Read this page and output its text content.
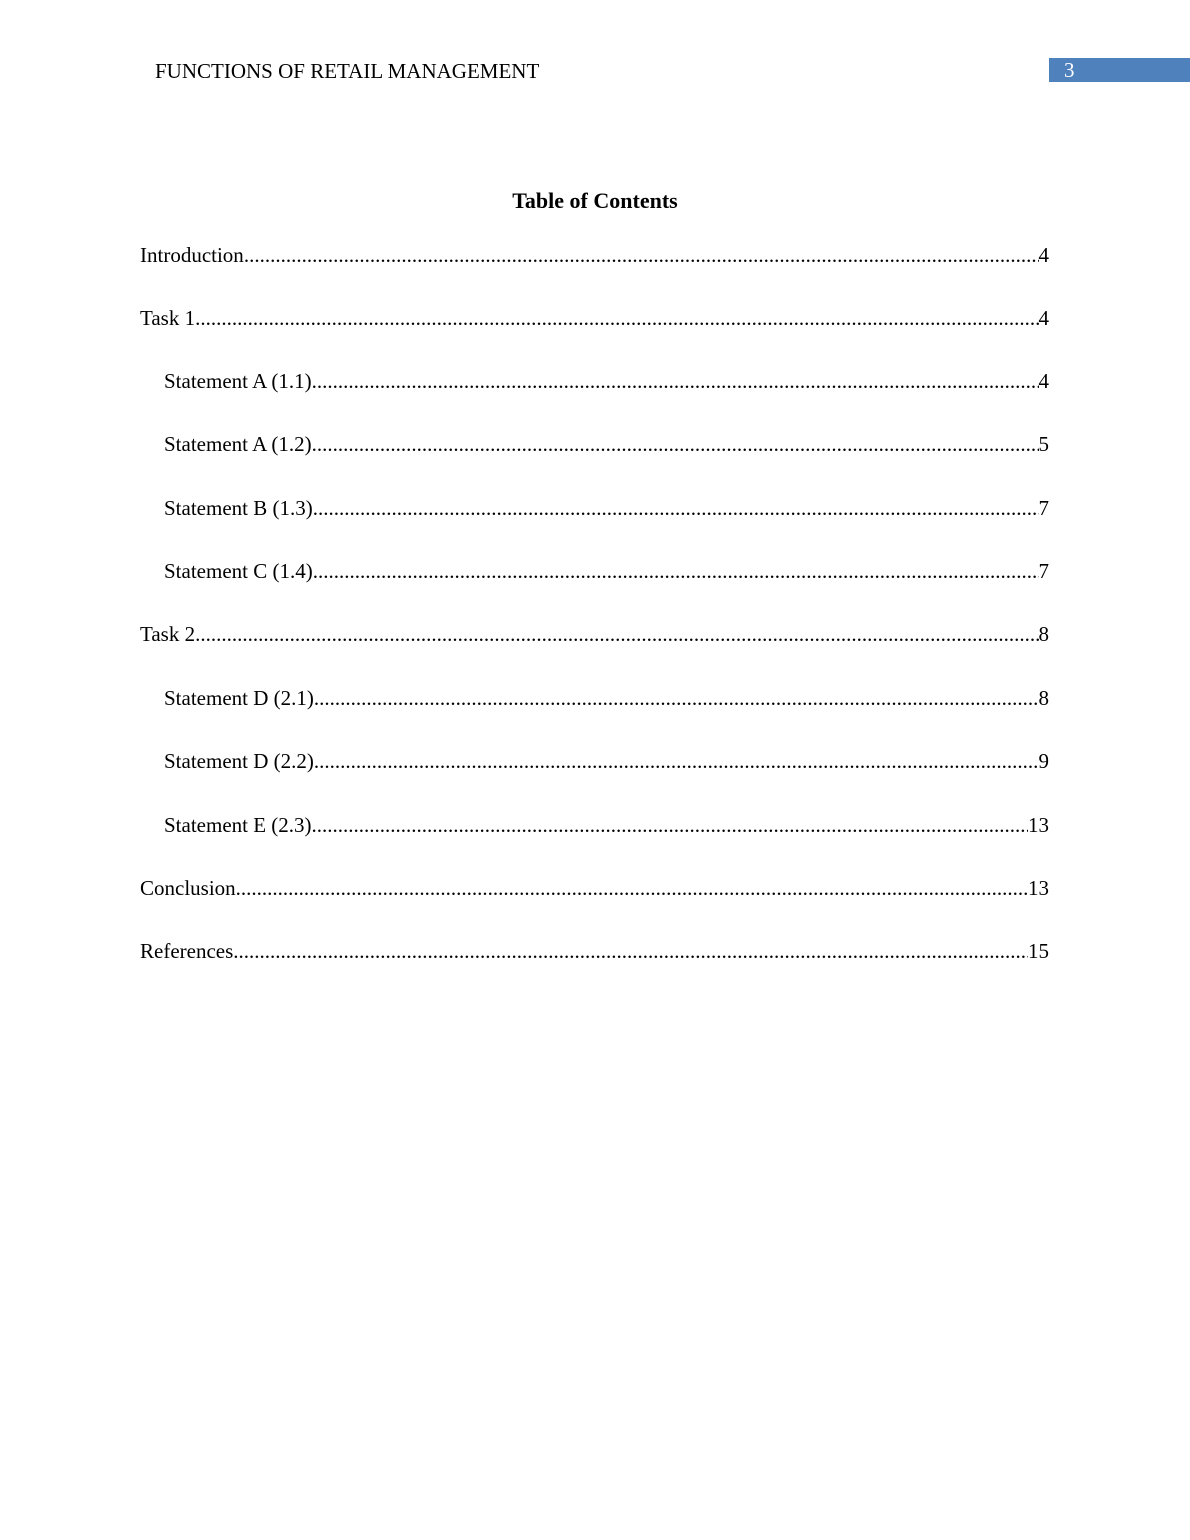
FUNCTIONS OF RETAIL MANAGEMENT	3
Table of Contents
Introduction .....	4
Task 1 .....	4
Statement A (1.1) .....	4
Statement A (1.2) .....	5
Statement B (1.3) .....	7
Statement C (1.4) .....	7
Task 2 .....	8
Statement D (2.1) .....	8
Statement D (2.2) .....	9
Statement E (2.3) .....	13
Conclusion .....	13
References .....	15
